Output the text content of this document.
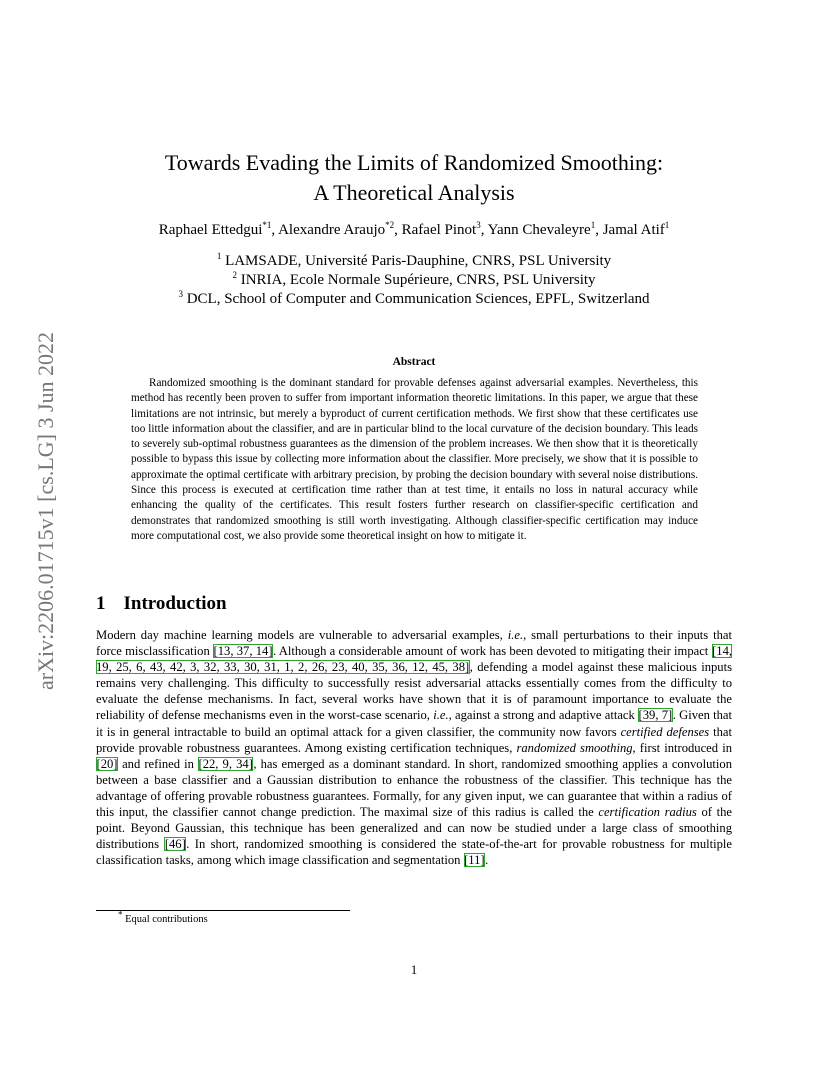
arXiv:2206.01715v1 [cs.LG] 3 Jun 2022
Towards Evading the Limits of Randomized Smoothing:
A Theoretical Analysis
Raphael Ettedgui$^{*1}$, Alexandre Araujo$^{*2}$, Rafael Pinot$^3$, Yann Chevaleyre$^1$, Jamal Atif$^1$
$^1$ LAMSADE, Université Paris-Dauphine, CNRS, PSL University
$^2$ INRIA, Ecole Normale Supérieure, CNRS, PSL University
$^3$ DCL, School of Computer and Communication Sciences, EPFL, Switzerland
Abstract
Randomized smoothing is the dominant standard for provable defenses against adversarial examples. Nevertheless, this method has recently been proven to suffer from important information theoretic limitations. In this paper, we argue that these limitations are not intrinsic, but merely a byproduct of current certification methods. We first show that these certificates use too little information about the classifier, and are in particular blind to the local curvature of the decision boundary. This leads to severely sub-optimal robustness guarantees as the dimension of the problem increases. We then show that it is theoretically possible to bypass this issue by collecting more information about the classifier. More precisely, we show that it is possible to approximate the optimal certificate with arbitrary precision, by probing the decision boundary with several noise distributions. Since this process is executed at certification time rather than at test time, it entails no loss in natural accuracy while enhancing the quality of the certificates. This result fosters further research on classifier-specific certification and demonstrates that randomized smoothing is still worth investigating. Although classifier-specific certification may induce more computational cost, we also provide some theoretical insight on how to mitigate it.
1 Introduction
Modern day machine learning models are vulnerable to adversarial examples, i.e., small perturbations to their inputs that force misclassification [13, 37, 14]. Although a considerable amount of work has been devoted to mitigating their impact [14, 19, 25, 6, 43, 42, 3, 32, 33, 30, 31, 1, 2, 26, 23, 40, 35, 36, 12, 45, 38], defending a model against these malicious inputs remains very challenging. This difficulty to successfully resist adversarial attacks essentially comes from the difficulty to evaluate the defense mechanisms. In fact, several works have shown that it is of paramount importance to evaluate the reliability of defense mechanisms even in the worst-case scenario, i.e., against a strong and adaptive attack [39, 7]. Given that it is in general intractable to build an optimal attack for a given classifier, the community now favors certified defenses that provide provable robustness guarantees. Among existing certification techniques, randomized smoothing, first introduced in [20] and refined in [22, 9, 34], has emerged as a dominant standard. In short, randomized smoothing applies a convolution between a base classifier and a Gaussian distribution to enhance the robustness of the classifier. This technique has the advantage of offering provable robustness guarantees. Formally, for any given input, we can guarantee that within a radius of this input, the classifier cannot change prediction. The maximal size of this radius is called the certification radius of the point. Beyond Gaussian, this technique has been generalized and can now be studied under a large class of smoothing distributions [46]. In short, randomized smoothing is considered the state-of-the-art for provable robustness for multiple classification tasks, among which image classification and segmentation [11].
* Equal contributions
1
